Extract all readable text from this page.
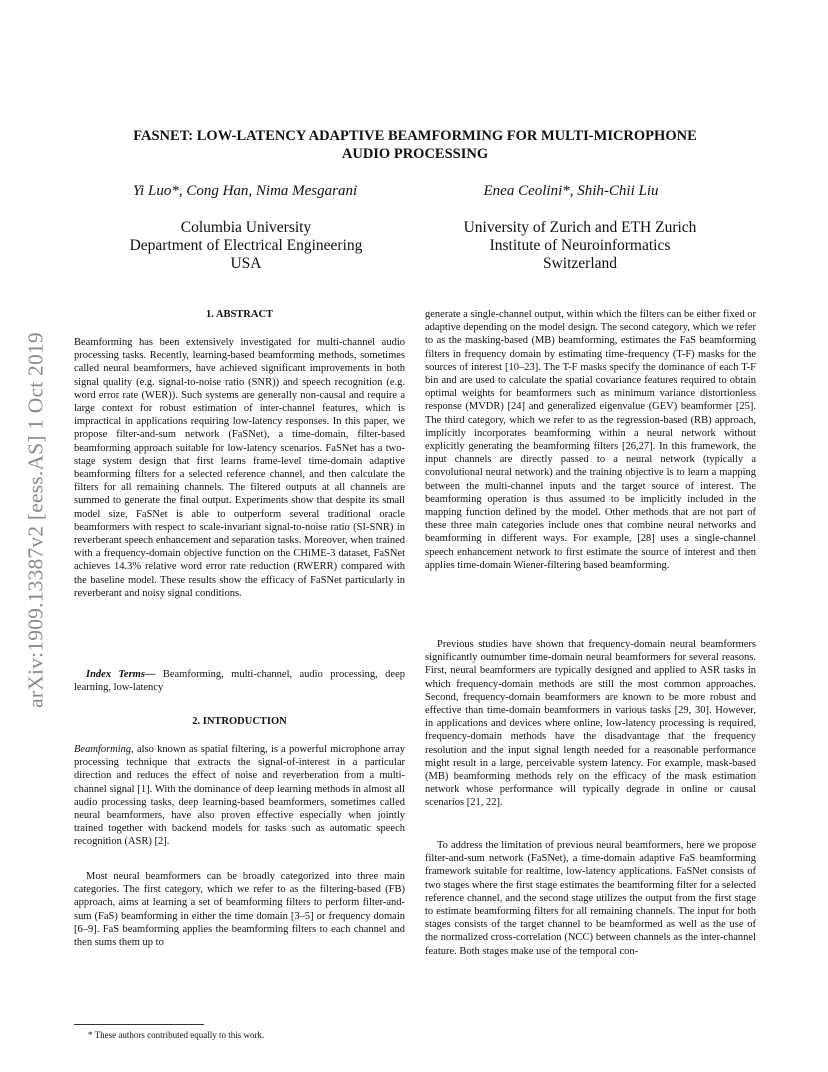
arXiv:1909.13387v2 [eess.AS] 1 Oct 2019
FASNET: LOW-LATENCY ADAPTIVE BEAMFORMING FOR MULTI-MICROPHONE
AUDIO PROCESSING
Yi Luo*, Cong Han, Nima Mesgarani	Enea Ceolini*, Shih-Chii Liu
Columbia University
Department of Electrical Engineering
USA
University of Zurich and ETH Zurich
Institute of Neuroinformatics
Switzerland
1. ABSTRACT

Beamforming has been extensively investigated for multi-channel audio processing tasks. Recently, learning-based beamforming methods, sometimes called neural beamformers, have achieved significant improvements in both signal quality (e.g. signal-to-noise ratio (SNR)) and speech recognition (e.g. word error rate (WER)). Such systems are generally non-causal and require a large context for robust estimation of inter-channel features, which is impractical in applications requiring low-latency responses. In this paper, we propose filter-and-sum network (FaSNet), a time-domain, filter-based beamforming approach suitable for low-latency scenarios. FaSNet has a two-stage system design that first learns frame-level time-domain adaptive beamforming filters for a selected reference channel, and then calculate the filters for all remaining channels. The filtered outputs at all channels are summed to generate the final output. Experiments show that despite its small model size, FaSNet is able to outperform several traditional oracle beamformers with respect to scale-invariant signal-to-noise ratio (SI-SNR) in reverberant speech enhancement and separation tasks. Moreover, when trained with a frequency-domain objective function on the CHiME-3 dataset, FaSNet achieves 14.3% relative word error rate reduction (RWERR) compared with the baseline model. These results show the efficacy of FaSNet particularly in reverberant and noisy signal conditions.

Index Terms— Beamforming, multi-channel, audio processing, deep learning, low-latency

2. INTRODUCTION

Beamforming, also known as spatial filtering, is a powerful microphone array processing technique that extracts the signal-of-interest in a particular direction and reduces the effect of noise and reverberation from a multi-channel signal [1]. With the dominance of deep learning methods in almost all audio processing tasks, deep learning-based beamformers, sometimes called neural beamformers, have also proven effective especially when jointly trained together with backend models for tasks such as automatic speech recognition (ASR) [2].

Most neural beamformers can be broadly categorized into three main categories. The first category, which we refer to as the filtering-based (FB) approach, aims at learning a set of beamforming filters to perform filter-and-sum (FaS) beamforming in either the time domain [3–5] or frequency domain [6–9]. FaS beamforming applies the beamforming filters to each channel and then sums them up to

* These authors contributed equally to this work.

generate a single-channel output, within which the filters can be either fixed or adaptive depending on the model design. The second category, which we refer to as the masking-based (MB) beamforming, estimates the FaS beamforming filters in frequency domain by estimating time-frequency (T-F) masks for the sources of interest [10–23]. The T-F masks specify the dominance of each T-F bin and are used to calculate the spatial covariance features required to obtain optimal weights for beamformers such as minimum variance distortionless response (MVDR) [24] and generalized eigenvalue (GEV) beamformer [25]. The third category, which we refer to as the regression-based (RB) approach, implicitly incorporates beamforming within a neural network without explicitly generating the beamforming filters [26,27]. In this framework, the input channels are directly passed to a neural network (typically a convolutional neural network) and the training objective is to learn a mapping between the multi-channel inputs and the target source of interest. The beamforming operation is thus assumed to be implicitly included in the mapping function defined by the model. Other methods that are not part of these three main categories include ones that combine neural networks and beamforming in different ways. For example, [28] uses a single-channel speech enhancement network to first estimate the source of interest and then applies time-domain Wiener-filtering based beamforming.

Previous studies have shown that frequency-domain neural beamformers significantly outnumber time-domain neural beamformers for several reasons. First, neural beamformers are typically designed and applied to ASR tasks in which frequency-domain methods are still the most common approaches. Second, frequency-domain beamformers are known to be more robust and effective than time-domain beamformers in various tasks [29, 30]. However, in applications and devices where online, low-latency processing is required, frequency-domain methods have the disadvantage that the frequency resolution and the input signal length needed for a reasonable performance might result in a large, perceivable system latency. For example, mask-based (MB) beamforming methods rely on the efficacy of the mask estimation network whose performance will typically degrade in online or causal scenarios [21, 22].

To address the limitation of previous neural beamformers, here we propose filter-and-sum network (FaSNet), a time-domain adaptive FaS beamforming framework suitable for realtime, low-latency applications. FaSNet consists of two stages where the first stage estimates the beamforming filter for a selected reference channel, and the second stage utilizes the output from the first stage to estimate beamforming filters for all remaining channels. The input for both stages consists of the target channel to be beamformed as well as the use of the normalized cross-correlation (NCC) between channels as the inter-channel feature. Both stages make use of the temporal con-
